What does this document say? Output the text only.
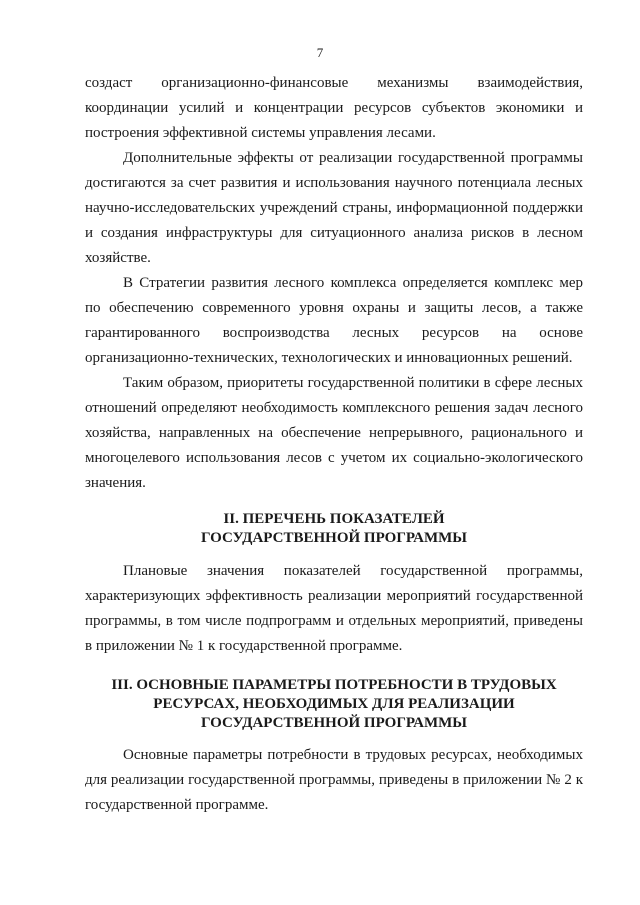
7

создаст организационно-финансовые механизмы взаимодействия, координации усилий и концентрации ресурсов субъектов экономики и построения эффективной системы управления лесами.

Дополнительные эффекты от реализации государственной программы достигаются за счет развития и использования научного потенциала лесных научно-исследовательских учреждений страны, информационной поддержки и создания инфраструктуры для ситуационного анализа рисков в лесном хозяйстве.

В Стратегии развития лесного комплекса определяется комплекс мер по обеспечению современного уровня охраны и защиты лесов, а также гарантированного воспроизводства лесных ресурсов на основе организационно-технических, технологических и инновационных решений.

Таким образом, приоритеты государственной политики в сфере лесных отношений определяют необходимость комплексного решения задач лесного хозяйства, направленных на обеспечение непрерывного, рационального и многоцелевого использования лесов с учетом их социально-экологического значения.

II. ПЕРЕЧЕНЬ ПОКАЗАТЕЛЕЙ
ГОСУДАРСТВЕННОЙ ПРОГРАММЫ

Плановые значения показателей государственной программы, характеризующих эффективность реализации мероприятий государственной программы, в том числе подпрограмм и отдельных мероприятий, приведены в приложении № 1 к государственной программе.

III. ОСНОВНЫЕ ПАРАМЕТРЫ ПОТРЕБНОСТИ В ТРУДОВЫХ
РЕСУРСАХ, НЕОБХОДИМЫХ ДЛЯ РЕАЛИЗАЦИИ
ГОСУДАРСТВЕННОЙ ПРОГРАММЫ

Основные параметры потребности в трудовых ресурсах, необходимых для реализации государственной программы, приведены в приложении № 2 к государственной программе.
